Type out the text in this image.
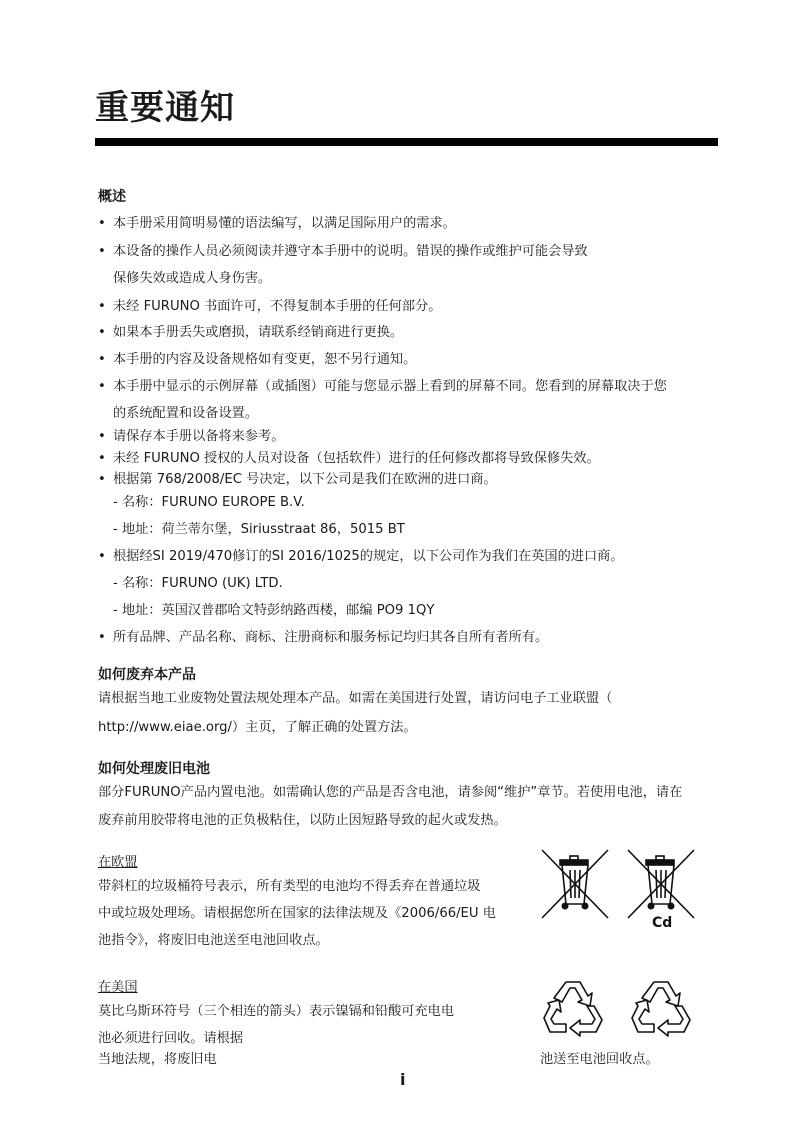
重要通知
概述
• 本手册采用简明易懂的语法编写，以满足国际用户的需求。
• 本设备的操作人员必须阅读并遵守本手册中的说明。错误的操作或维护可能会导致
保修失效或造成人身伤害。
• 未经 FURUNO 书面许可，不得复制本手册的任何部分。
• 如果本手册丢失或磨损，请联系经销商进行更换。
• 本手册的内容及设备规格如有变更，恕不另行通知。
• 本手册中显示的示例屏幕（或插图）可能与您显示器上看到的屏幕不同。您看到的屏幕取决于您
的系统配置和设备设置。
• 请保存本手册以备将来参考。
• 未经 FURUNO 授权的人员对设备（包括软件）进行的任何修改都将导致保修失效。
• 根据第 768/2008/EC 号决定，以下公司是我们在欧洲的进口商。
- 名称：FURUNO EUROPE B.V.
- 地址：荷兰蒂尔堡，Siriusstraat 86，5015 BT
• 根据经SI 2019/470修订的SI 2016/1025的规定，以下公司作为我们在英国的进口商。
- 名称：FURUNO (UK) LTD.
- 地址：英国汉普郡哈文特彭纳路西楼，邮编 PO9 1QY
• 所有品牌、产品名称、商标、注册商标和服务标记均归其各自所有者所有。
如何废弃本产品
请根据当地工业废物处置法规处理本产品。如需在美国进行处置，请访问电子工业联盟（
http://www.eiae.org/）主页，了解正确的处置方法。
如何处理废旧电池
部分FURUNO产品内置电池。如需确认您的产品是否含电池，请参阅“维护”章节。若使用电池，请在
废弃前用胶带将电池的正负极粘住，以防止因短路导致的起火或发热。
在欧盟
带斜杠的垃圾桶符号表示，所有类型的电池均不得丢弃在普通垃圾
中或垃圾处理场。请根据您所在国家的法律法规及《2006/66/EU 电
池指令》，将废旧电池送至电池回收点。
Cd
在美国
莫比乌斯环符号（三个相连的箭头）表示镍镉和铅酸可充电电
池必须进行回收。请根据
当地法规，将废旧电	池送至电池回收点。
i
